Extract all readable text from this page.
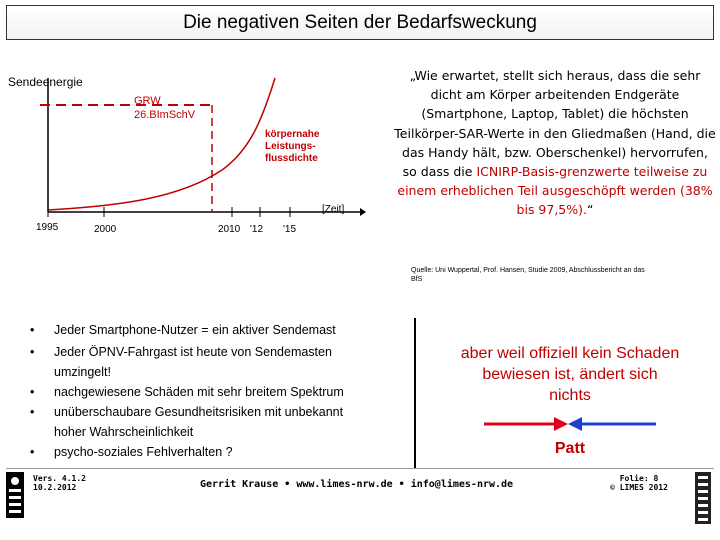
Die negativen Seiten der Bedarfsweckung
Sendeenergie
GRW
26.BImSchV
körpernahe
Leistungs-
flussdichte
[Zeit]
1995	2000	2010 '12 '15
„Wie erwartet, stellt sich heraus, dass die sehr dicht am Körper arbeitenden Endgeräte (Smartphone, Laptop, Tablet) die höchsten Teilkörper-SAR-Werte in den Gliedmaßen (Hand, die das Handy hält, bzw. Oberschenkel) hervorrufen, so dass die ICNIRP-Basis-grenzwerte teilweise zu einem erheblichen Teil ausgeschöpft werden (38% bis 97,5%).“
Quelle: Uni Wuppertal, Prof. Hansen, Studie 2009, Abschlussbericht an das BfS
• Jeder Smartphone-Nutzer = ein aktiver Sendemast
• Jeder ÖPNV-Fahrgast ist heute von Sendemasten
umzingelt!
• nachgewiesene Schäden mit sehr breitem Spektrum
• unüberschaubare Gesundheitsrisiken mit unbekannt
hoher Wahrscheinlichkeit
• psycho-soziales Fehlverhalten ?
aber weil offiziell kein Schaden bewiesen ist, ändert sich nichts
Patt
Vers. 4.1.2
10.2.2012	Gerrit Krause • www.limes-nrw.de • info@limes-nrw.de
Folie: 8
© LIMES 2012
